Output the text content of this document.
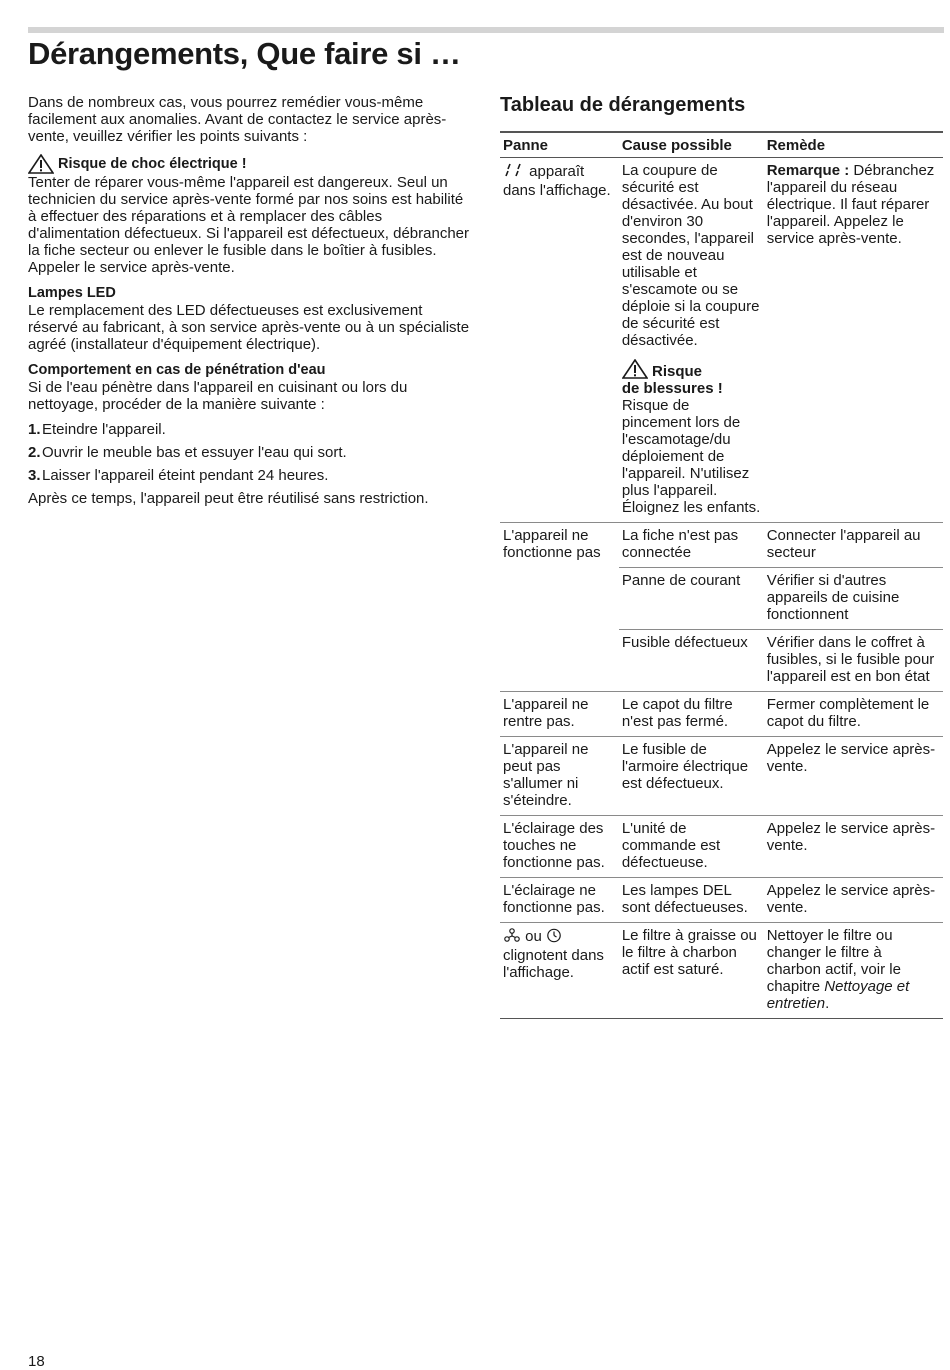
Dérangements, Que faire si …

Dans de nombreux cas, vous pourrez remédier vous-même facilement aux anomalies. Avant de contactez le service après-vente, veuillez vérifier les points suivants :

Risque de choc électrique !

Tenter de réparer vous-même l'appareil est dangereux. Seul un technicien du service après-vente formé par nos soins est habilité à effectuer des réparations et à remplacer des câbles d'alimentation défectueux. Si l'appareil est défectueux, débrancher la fiche secteur ou enlever le fusible dans le boîtier à fusibles. Appeler le service après-vente.

Lampes LED

Le remplacement des LED défectueuses est exclusivement réservé au fabricant, à son service après-vente ou à un spécialiste agréé (installateur d'équipement électrique).

Comportement en cas de pénétration d'eau

Si de l'eau pénètre dans l'appareil en cuisinant ou lors du nettoyage, procéder de la manière suivante :

1. Eteindre l'appareil.
2. Ouvrir le meuble bas et essuyer l'eau qui sort.
3. Laisser l'appareil éteint pendant 24 heures.

Après ce temps, l'appareil peut être réutilisé sans restriction.

Tableau de dérangements
Panne	Cause possible	Remède
apparaît dans l'affichage.	La coupure de sécurité est désactivée. Au bout d'environ 30 secondes, l'appareil est de nouveau utilisable et s'escamote ou se déploie si la coupure de sécurité est désactivée.
Risque
de blessures !
Risque de pincement lors de l'escamotage/du déploiement de l'appareil. N'utilisez plus l'appareil. Éloignez les enfants.	Remarque : Débranchez l'appareil du réseau électrique. Il faut réparer l'appareil. Appelez le service après-vente.
L'appareil ne fonctionne pas	La fiche n'est pas connectée	Connecter l'appareil au secteur
	Panne de courant	Vérifier si d'autres appareils de cuisine fonctionnent
	Fusible défectueux	Vérifier dans le coffret à fusibles, si le fusible pour l'appareil est en bon état
L'appareil ne rentre pas.	Le capot du filtre n'est pas fermé.	Fermer complètement le capot du filtre.
L'appareil ne peut pas s'allumer ni s'éteindre.	Le fusible de l'armoire électrique est défectueux.	Appelez le service après-vente.
L'éclairage des touches ne fonctionne pas.	L'unité de commande est défectueuse.	Appelez le service après-vente.
L'éclairage ne fonctionne pas.	Les lampes DEL sont défectueuses.	Appelez le service après-vente.
ou  clignotent dans l'affichage.	Le filtre à graisse ou le filtre à charbon actif est saturé.	Nettoyer le filtre ou changer le filtre à charbon actif, voir le chapitre Nettoyage et entretien.
18
